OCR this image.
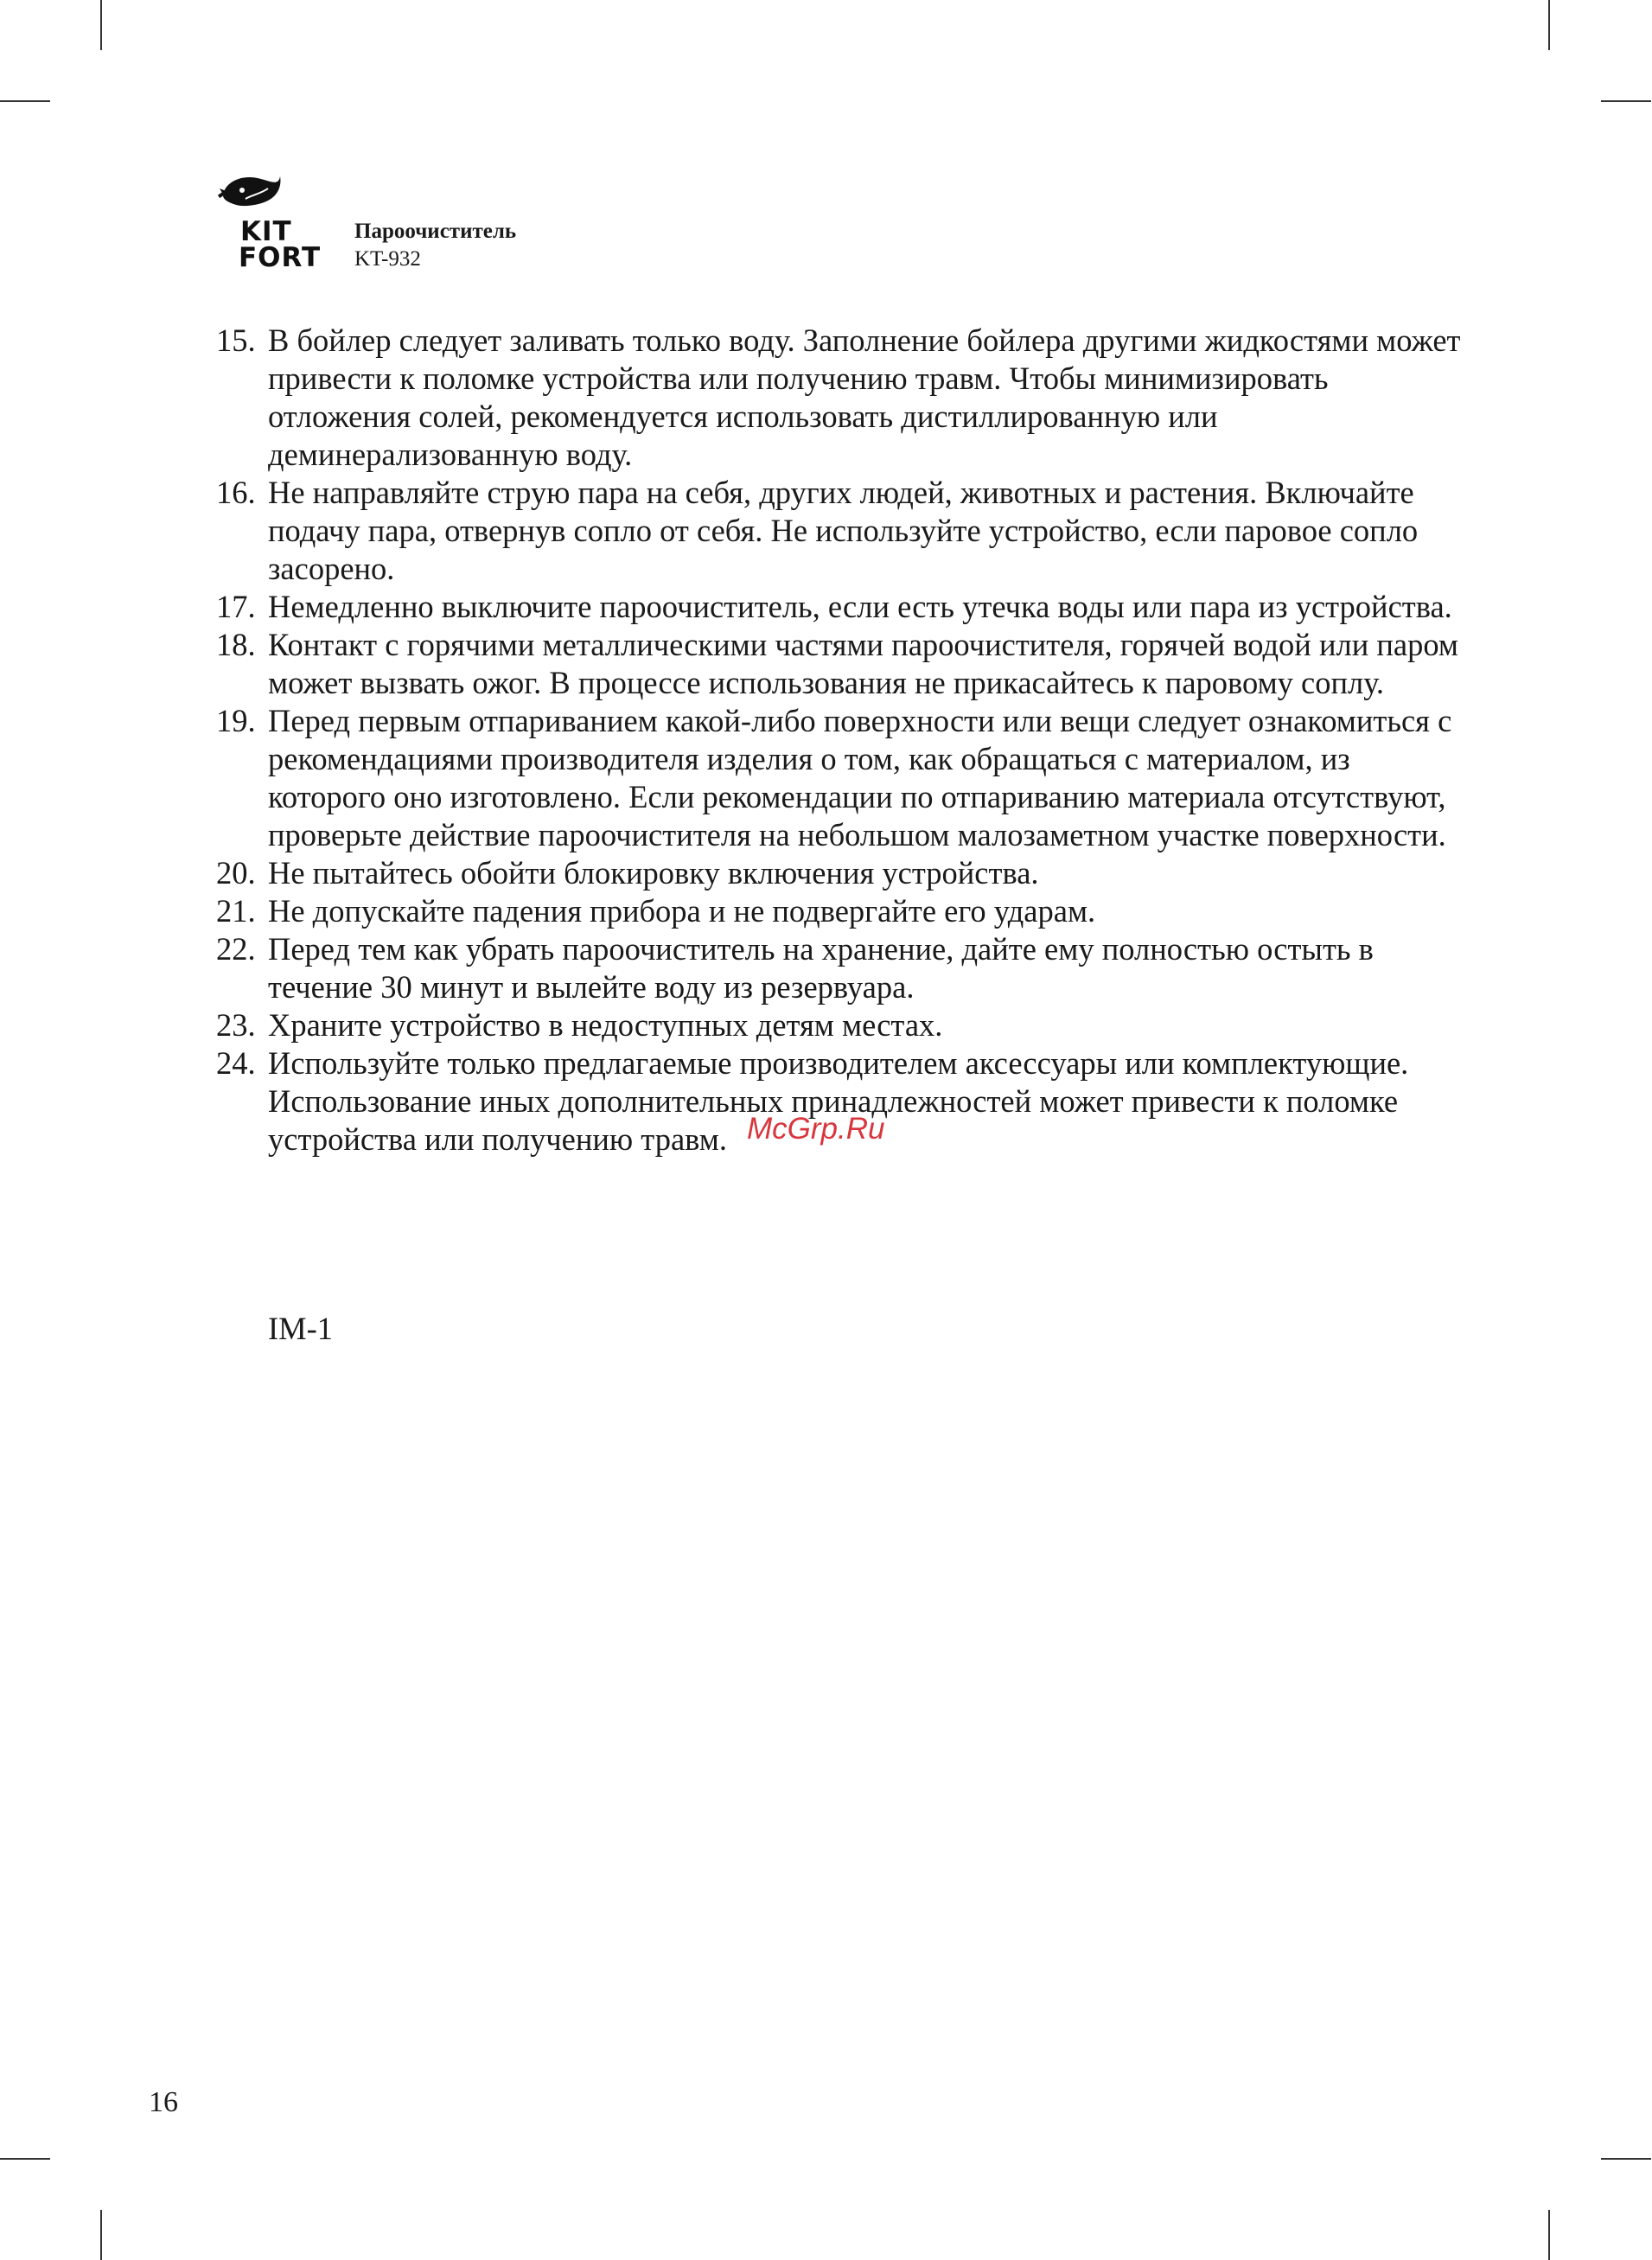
KIT
FORT
Пароочиститель
KT-932
15. В бойлер следует заливать только воду. Заполнение бойлера другими жидкостями может привести к поломке устройства или получению травм. Чтобы минимизировать отложения солей, рекомендуется использовать дистиллированную или деминерализованную воду.
16. Не направляйте струю пара на себя, других людей, животных и растения. Включайте подачу пара, отвернув сопло от себя. Не используйте устройство, если паровое сопло засорено.
17. Немедленно выключите пароочиститель, если есть утечка воды или пара из устройства.
18. Контакт с горячими металлическими частями пароочистителя, горячей водой или паром может вызвать ожог. В процессе использования не прикасайтесь к паровому соплу.
19. Перед первым отпариванием какой-либо поверхности или вещи следует ознакомиться с рекомендациями производителя изделия о том, как обращаться с материалом, из которого оно изготовлено. Если рекомендации по отпариванию материала отсутствуют, проверьте действие пароочистителя на небольшом малозаметном участке поверхности.
20. Не пытайтесь обойти блокировку включения устройства.
21. Не допускайте падения прибора и не подвергайте его ударам.
22. Перед тем как убрать пароочиститель на хранение, дайте ему полностью остыть в течение 30 минут и вылейте воду из резервуара.
23. Храните устройство в недоступных детям местах.
24. Используйте только предлагаемые производителем аксессуары или комплектующие. Использование иных дополнительных принадлежностей может привести к поломке устройства или получению травм.
IM-1
McGrp.Ru
16
